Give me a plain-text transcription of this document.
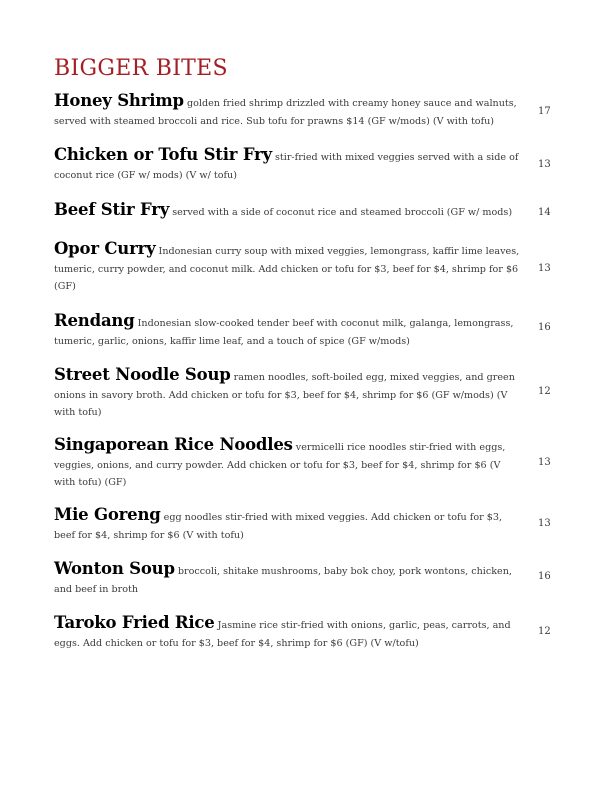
BIGGER BITES

Honey Shrimp golden fried shrimp drizzled with creamy honey sauce and walnuts, served with steamed broccoli and rice. Sub tofu for prawns $14 (GF w/mods) (V with tofu)

17

Chicken or Tofu Stir Fry stir-fried with mixed veggies served with a side of coconut rice (GF w/ mods) (V w/ tofu)

13

Beef Stir Fry served with a side of coconut rice and steamed broccoli (GF w/ mods)	14

Opor Curry Indonesian curry soup with mixed veggies, lemongrass, kaffir lime leaves, tumeric, curry powder, and coconut milk. Add chicken or tofu for $3, beef for $4, shrimp for $6 (GF)

13

Rendang Indonesian slow-cooked tender beef with coconut milk, galanga, lemongrass, tumeric, garlic, onions, kaffir lime leaf, and a touch of spice (GF w/mods)

16

Street Noodle Soup ramen noodles, soft-boiled egg, mixed veggies, and green onions in savory broth. Add chicken or tofu for $3, beef for $4, shrimp for $6 (GF w/mods) (V with tofu)

12

Singaporean Rice Noodles vermicelli rice noodles stir-fried with eggs, veggies, onions, and curry powder. Add chicken or tofu for $3, beef for $4, shrimp for $6 (V with tofu) (GF)

13

Mie Goreng egg noodles stir-fried with mixed veggies. Add chicken or tofu for $3, beef for $4, shrimp for $6 (V with tofu)

13

Wonton Soup broccoli, shitake mushrooms, baby bok choy, pork wontons, chicken, and beef in broth

16

Taroko Fried Rice Jasmine rice stir-fried with onions, garlic, peas, carrots, and eggs. Add chicken or tofu for $3, beef for $4, shrimp for $6 (GF) (V w/tofu)

12
